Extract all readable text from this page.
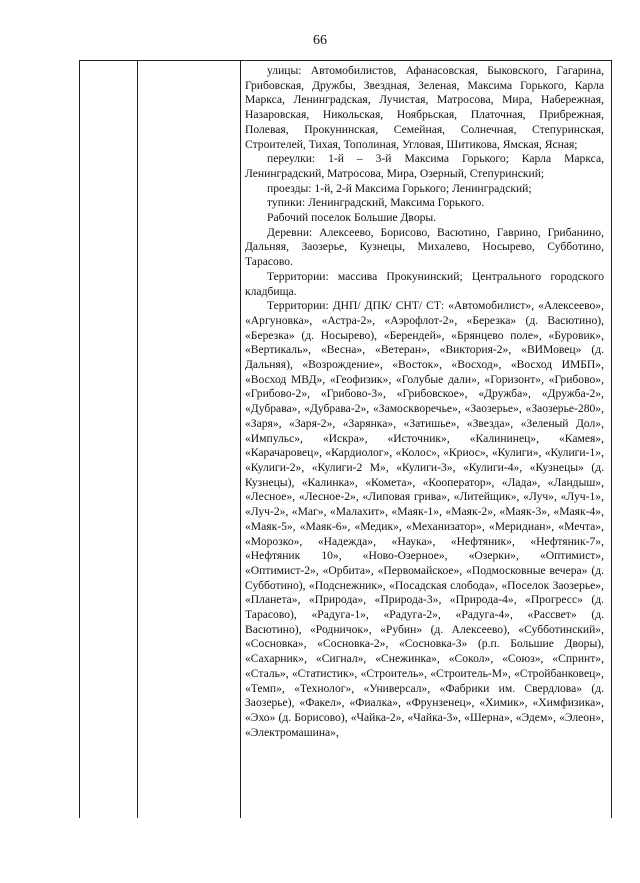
66

улицы: Автомобилистов, Афанасовская, Быковского, Гагарина, Грибовская, Дружбы, Звездная, Зеленая, Максима Горького, Карла Маркса, Ленинградская, Лучистая, Матросова, Мира, Набережная, Назаровская, Никольская, Ноябрьская, Платочная, Прибрежная, Полевая, Прокунинская, Семейная, Солнечная, Степуринская, Строителей, Тихая, Тополиная, Угловая, Шитикова, Ямская, Ясная;

переулки: 1-й – 3-й Максима Горького; Карла Маркса, Ленинградский, Матросова, Мира, Озерный, Степуринский;

проезды: 1-й, 2-й Максима Горького; Ленинградский;

тупики: Ленинградский, Максима Горького.

Рабочий поселок Большие Дворы.

Деревни: Алексеево, Борисово, Васютино, Гаврино, Грибанино, Дальняя, Заозерье, Кузнецы, Михалево, Носырево, Субботино, Тарасово.

Территории: массива Прокунинский; Центрального городского кладбища.

Территории: ДНП/ ДПК/ СНТ/ СТ: «Автомобилист», «Алексеево», «Аргуновка», «Астра-2», «Аэрофлот-2», «Березка» (д. Васютино), «Березка» (д. Носырево), «Берендей», «Брянцево поле», «Буровик», «Вертикаль», «Весна», «Ветеран», «Виктория-2», «ВИМовец» (д. Дальняя), «Возрождение», «Восток», «Восход», «Восход ИМБП», «Восход МВД», «Геофизик», «Голубые дали», «Горизонт», «Грибово», «Грибово-2», «Грибово-3», «Грибовское», «Дружба», «Дружба-2», «Дубрава», «Дубрава-2», «Замоскворечье», «Заозерье», «Заозерье-280», «Заря», «Заря-2», «Зарянка», «Затишье», «Звезда», «Зеленый Дол», «Импульс», «Искра», «Источник», «Калининец», «Камея», «Карачаровец», «Кардиолог», «Колос», «Криос», «Кулиги», «Кулиги-1», «Кулиги-2», «Кулиги-2 М», «Кулиги-3», «Кулиги-4», «Кузнецы» (д. Кузнецы), «Калинка», «Комета», «Кооператор», «Лада», «Ландыш», «Лесное», «Лесное-2», «Липовая грива», «Литейщик», «Луч», «Луч-1», «Луч-2», «Маг», «Малахит», «Маяк-1», «Маяк-2», «Маяк-3», «Маяк-4», «Маяк-5», «Маяк-6», «Медик», «Механизатор», «Меридиан», «Мечта», «Морозко», «Надежда», «Наука», «Нефтяник», «Нефтяник-7», «Нефтяник 10», «Ново-Озерное», «Озерки», «Оптимист», «Оптимист-2», «Орбита», «Первомайское», «Подмосковные вечера» (д. Субботино), «Подснежник», «Посадская слобода», «Поселок Заозерье», «Планета», «Природа», «Природа-3», «Природа-4», «Прогресс» (д. Тарасово), «Радуга-1», «Радуга-2», «Радуга-4», «Рассвет» (д. Васютино), «Родничок», «Рубин» (д. Алексеево), «Субботинский», «Сосновка», «Сосновка-2», «Сосновка-3» (р.п. Большие Дворы), «Сахарник», «Сигнал», «Снежинка», «Сокол», «Союз», «Спринт», «Сталь», «Статистик», «Строитель», «Строитель-М», «Стройбанковец», «Темп», «Технолог», «Универсал», «Фабрики им. Свердлова» (д. Заозерье), «Факел», «Фиалка», «Фрунзенец», «Химик», «Химфизика», «Эхо» (д. Борисово), «Чайка-2», «Чайка-3», «Шерна», «Эдем», «Элеон», «Электромашина»,
